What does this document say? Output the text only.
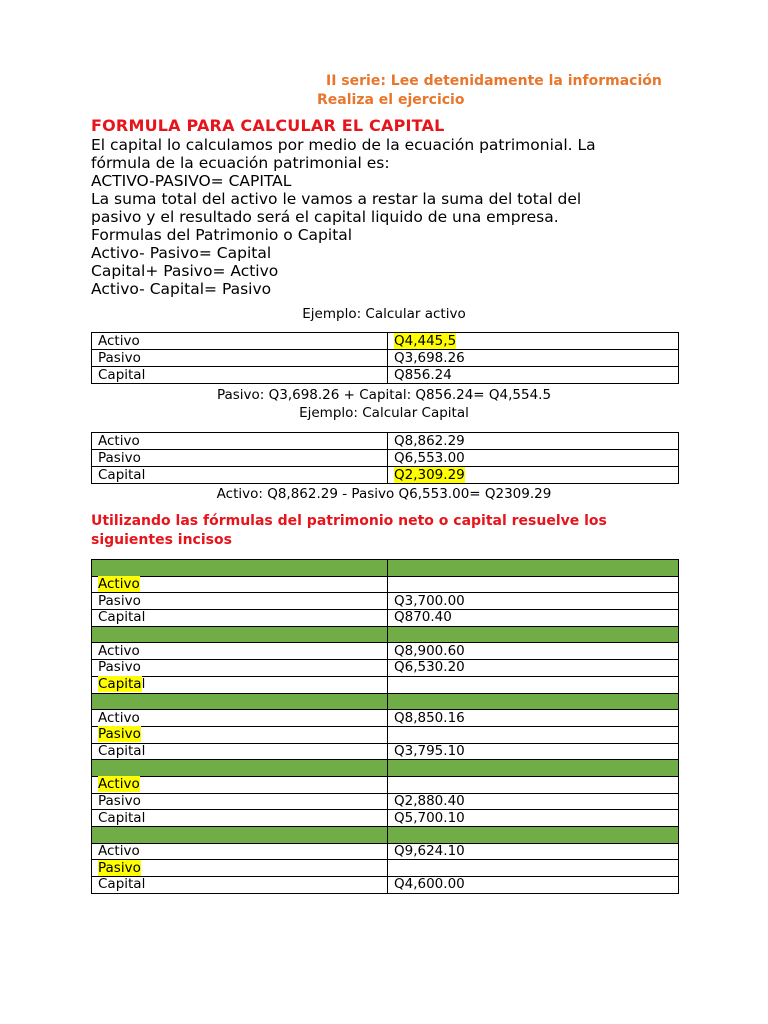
II serie: Lee detenidamente la información
Realiza el ejercicio
FORMULA PARA CALCULAR EL CAPITAL
El capital lo calculamos por medio de la ecuación patrimonial. La
fórmula de la ecuación patrimonial es:
ACTIVO-PASIVO= CAPITAL
La suma total del activo le vamos a restar la suma del total del
pasivo y el resultado será el capital liquido de una empresa.
Formulas del Patrimonio o Capital
Activo- Pasivo= Capital
Capital+ Pasivo= Activo
Activo- Capital= Pasivo
Ejemplo: Calcular activo
Activo	Q4,445,5
Pasivo	Q3,698.26
Capital	Q856.24
Pasivo: Q3,698.26 + Capital: Q856.24= Q4,554.5
Ejemplo: Calcular Capital
Activo	Q8,862.29
Pasivo	Q6,553.00
Capital	Q2,309.29
Activo: Q8,862.29 - Pasivo Q6,553.00= Q2309.29
Utilizando las fórmulas del patrimonio neto o capital resuelve los siguientes incisos

Activo	
Pasivo	Q3,700.00
Capital	Q870.40

Activo	Q8,900.60
Pasivo	Q6,530.20
Capital	

Activo	Q8,850.16
Pasivo	
Capital	Q3,795.10

Activo	
Pasivo	Q2,880.40
Capital	Q5,700.10

Activo	Q9,624.10
Pasivo	
Capital	Q4,600.00
